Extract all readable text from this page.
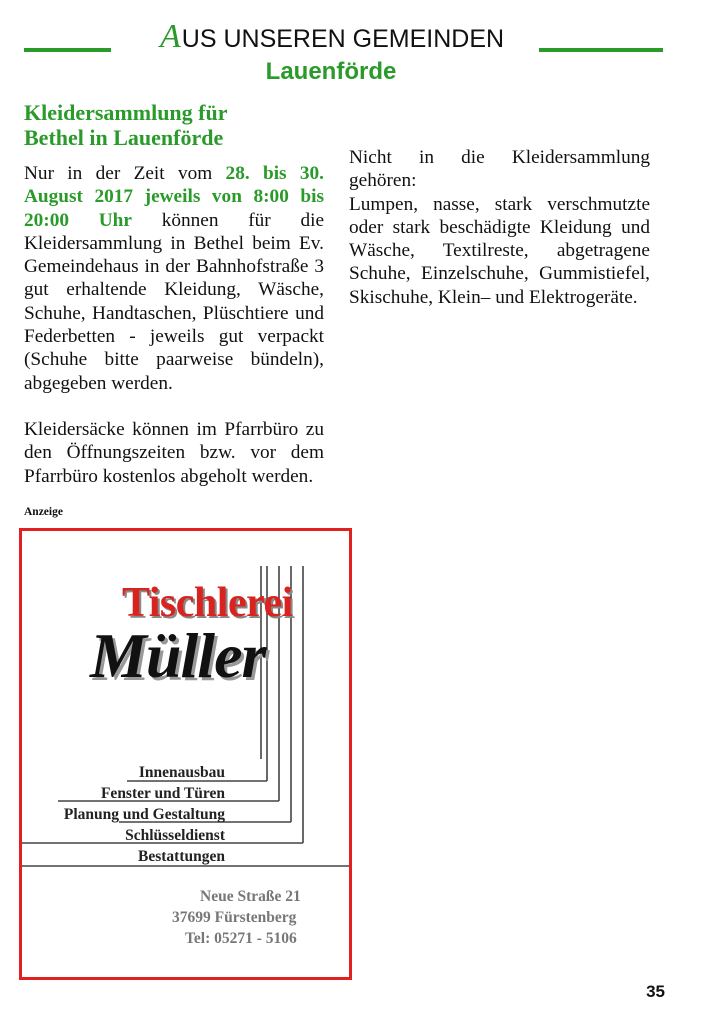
AUS UNSEREN GEMEINDEN
Lauenförde
Kleidersammlung für
Bethel in Lauenförde

Nur in der Zeit vom 28. bis 30. August 2017 jeweils von 8:00 bis 20:00 Uhr können für die Kleidersammlung in Bethel beim Ev. Gemeindehaus in der Bahnhofstraße 3 gut erhaltende Kleidung, Wäsche, Schuhe, Handtaschen, Plüschtiere und Federbetten - jeweils gut verpackt (Schuhe bitte paarweise bündeln), abgegeben werden.

Kleidersäcke können im Pfarrbüro zu den Öffnungszeiten bzw. vor dem Pfarrbüro kostenlos abgeholt werden.

Nicht in die Kleidersammlung gehören:

Lumpen, nasse, stark verschmutzte oder stark beschädigte Kleidung und Wäsche, Textilreste, abgetragene Schuhe, Einzelschuhe, Gummistiefel, Skischuhe, Klein– und Elektrogeräte.

Anzeige
Tischlerei
Müller
Innenausbau
Fenster und Türen
Planung und Gestaltung
Schlüsseldienst
Bestattungen
Neue Straße 21
37699 Fürstenberg
Tel: 05271 - 5106
35
